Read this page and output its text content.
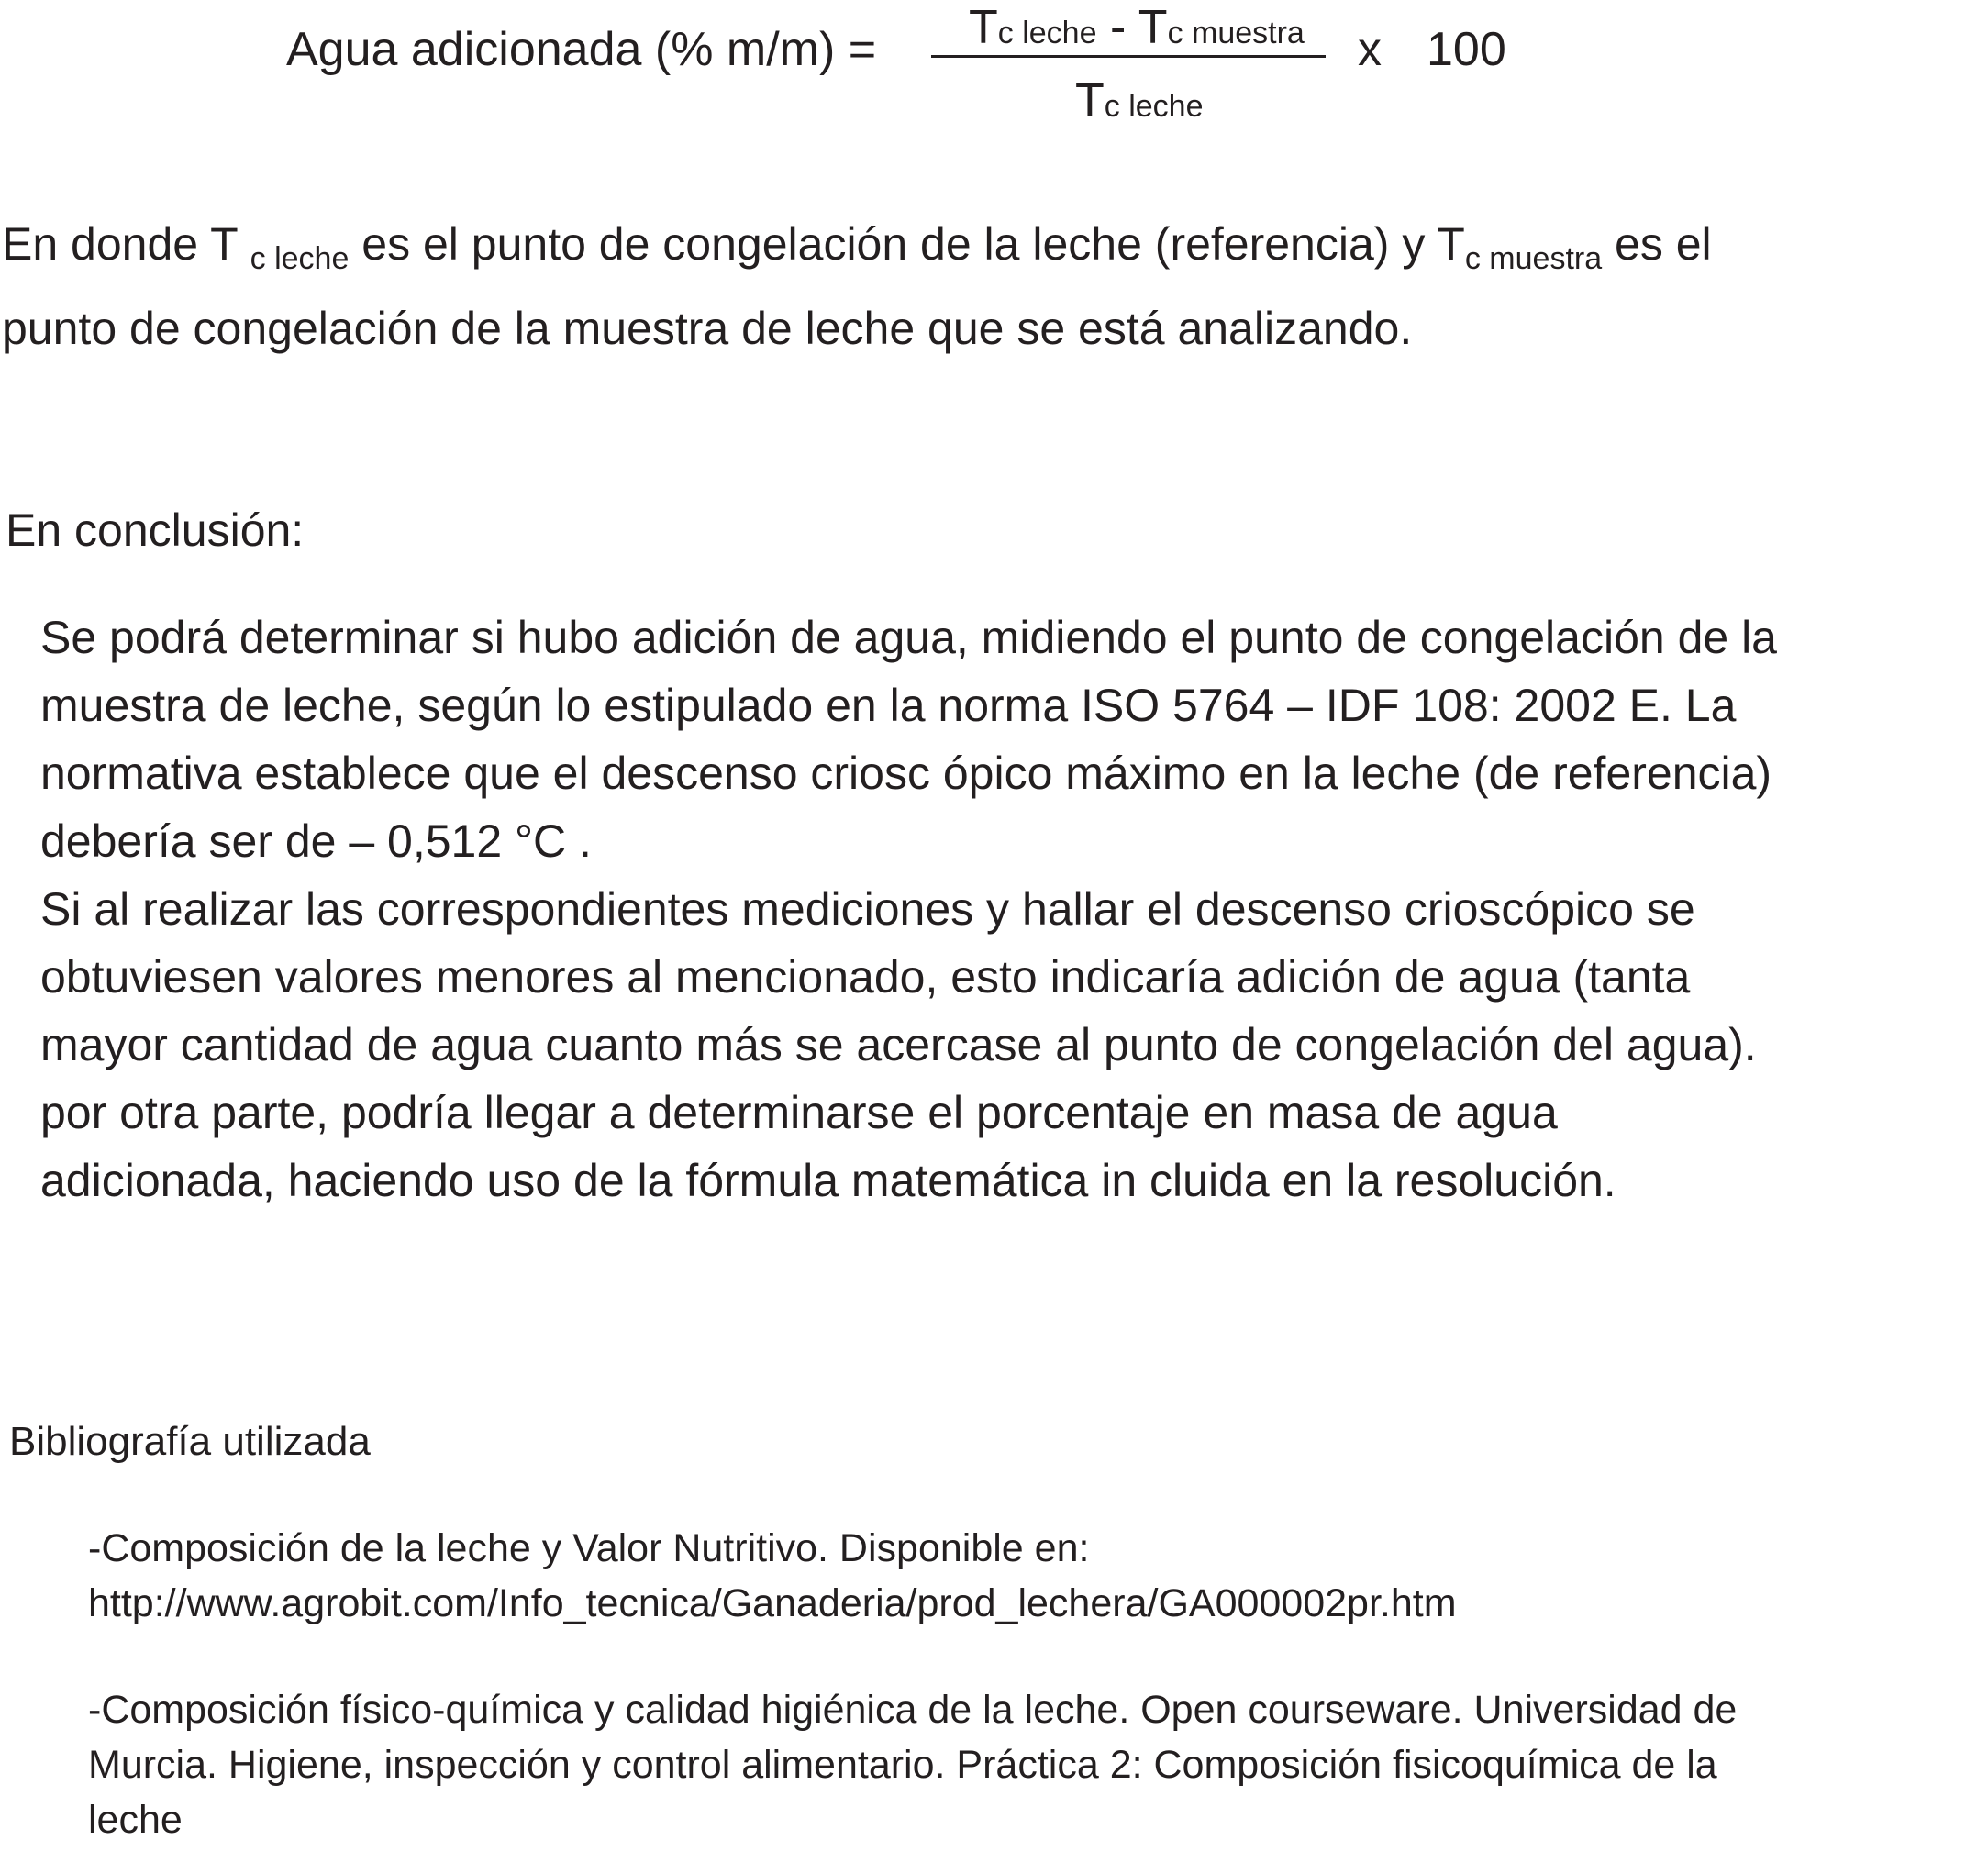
Agua adicionada (% m/m) = Tc leche - Tc muestra
Tc leche
x 100
En donde T $_{c leche}$ es el punto de congelación de la leche (referencia) y $T_{c muestra}$ es el
punto de congelación de la muestra de leche que se está analizando.
En conclusión:
Se podrá determinar si hubo adición de agua, midiendo el punto de congelación de la
muestra de leche, según lo estipulado en la norma ISO 5764 – IDF 108: 2002 E. La
normativa establece que el descenso criosc ópico máximo en la leche (de referencia)
debería ser de – 0,512 °C .
Si al realizar las correspondientes mediciones y hallar el descenso crioscópico se
obtuviesen valores menores al mencionado, esto indicaría adición de agua (tanta
mayor cantidad de agua cuanto más se acercase al punto de congelación del agua).
por otra parte, podría llegar a determinarse el porcentaje en masa de agua
adicionada, haciendo uso de la fórmula matemática in cluida en la resolución.
Bibliografía utilizada
-Composición de la leche y Valor Nutritivo. Disponible en:
http://www.agrobit.com/Info_tecnica/Ganaderia/prod_lechera/GA000002pr.htm
-Composición físico-química y calidad higiénica de la leche. Open courseware. Universidad de
Murcia. Higiene, inspección y control alimentario. Práctica 2: Composición fisicoquímica de la
leche
